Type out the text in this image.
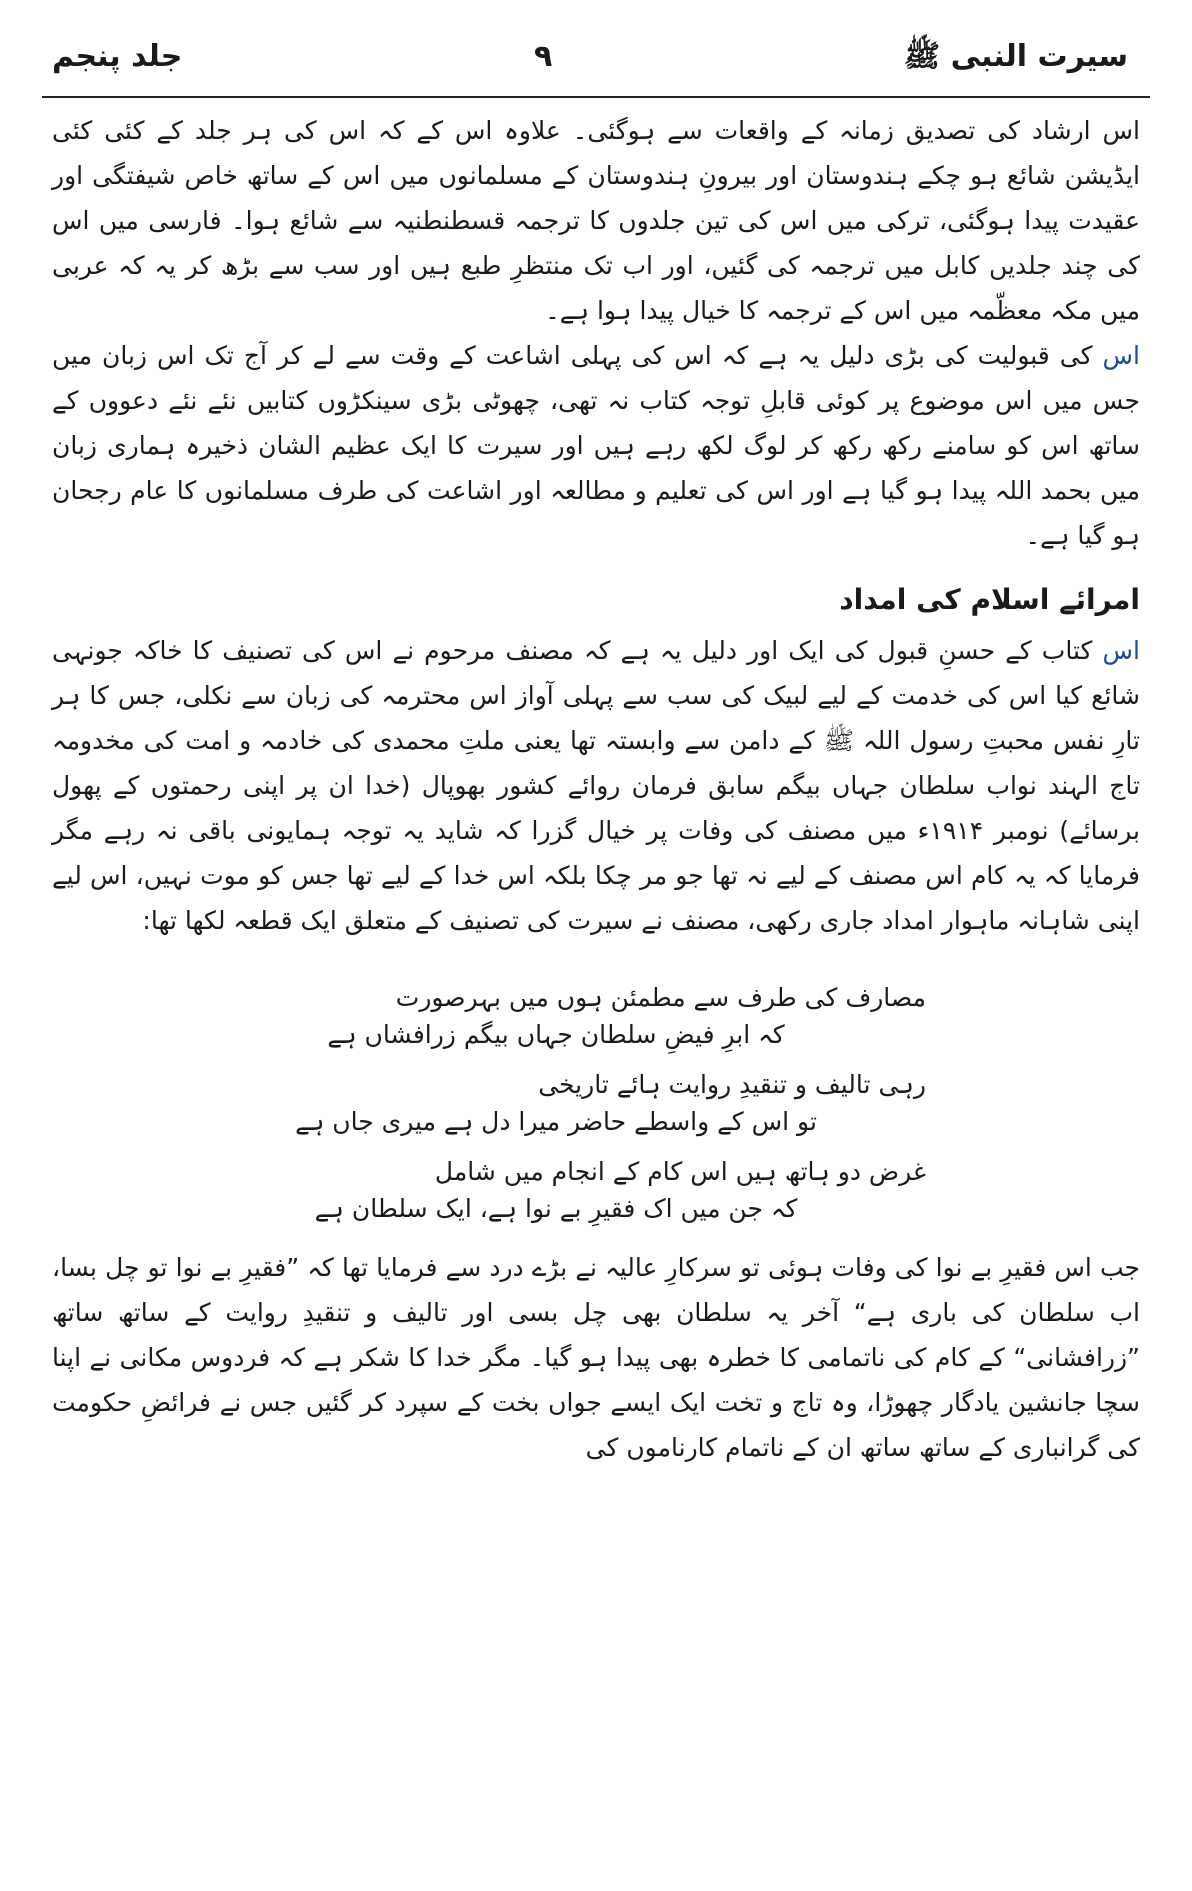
سیرت النبی ﷺ
۹
جلد پنجم

اس ارشاد کی تصدیق زمانہ کے واقعات سے ہوگئی۔ علاوہ اس کے کہ اس کی ہر جلد کے کئی کئی ایڈیشن شائع ہو چکے ہندوستان اور بیرونِ ہندوستان کے مسلمانوں میں اس کے ساتھ خاص شیفتگی اور عقیدت پیدا ہوگئی، ترکی میں اس کی تین جلدوں کا ترجمہ قسطنطنیہ سے شائع ہوا۔ فارسی میں اس کی چند جلدیں کابل میں ترجمہ کی گئیں، اور اب تک منتظرِ طبع ہیں اور سب سے بڑھ کر یہ کہ عربی میں مکہ معظّمہ میں اس کے ترجمہ کا خیال پیدا ہوا ہے۔

اس کی قبولیت کی بڑی دلیل یہ ہے کہ اس کی پہلی اشاعت کے وقت سے لے کر آج تک اس زبان میں جس میں اس موضوع پر کوئی قابلِ توجہ کتاب نہ تھی، چھوٹی بڑی سینکڑوں کتابیں نئے نئے دعووں کے ساتھ اس کو سامنے رکھ رکھ کر لوگ لکھ رہے ہیں اور سیرت کا ایک عظیم الشان ذخیرہ ہماری زبان میں بحمد اللہ پیدا ہو گیا ہے اور اس کی تعلیم و مطالعہ اور اشاعت کی طرف مسلمانوں کا عام رجحان ہو گیا ہے۔

امرائے اسلام کی امداد

اس کتاب کے حسنِ قبول کی ایک اور دلیل یہ ہے کہ مصنف مرحوم نے اس کی تصنیف کا خاکہ جونہی شائع کیا اس کی خدمت کے لیے لبیک کی سب سے پہلی آواز اس محترمہ کی زبان سے نکلی، جس کا ہر تارِ نفس محبتِ رسول اللہ ﷺ کے دامن سے وابستہ تھا یعنی ملتِ محمدی کی خادمہ و امت کی مخدومہ تاج الہند نواب سلطان جہاں بیگم سابق فرمان روائے کشور بھوپال (خدا ان پر اپنی رحمتوں کے پھول برسائے) نومبر ۱۹۱۴ء میں مصنف کی وفات پر خیال گزرا کہ شاید یہ توجہ ہمایونی باقی نہ رہے مگر فرمایا کہ یہ کام اس مصنف کے لیے نہ تھا جو مر چکا بلکہ اس خدا کے لیے تھا جس کو موت نہیں، اس لیے اپنی شاہانہ ماہوار امداد جاری رکھی، مصنف نے سیرت کی تصنیف کے متعلق ایک قطعہ لکھا تھا:

مصارف کی طرف سے مطمئن ہوں میں بہرصورت
کہ ابرِ فیضِ سلطان جہاں بیگم زرافشاں ہے
رہی تالیف و تنقیدِ روایت ہائے تاریخی
تو اس کے واسطے حاضر میرا دل ہے میری جاں ہے
غرض دو ہاتھ ہیں اس کام کے انجام میں شامل
کہ جن میں اک فقیرِ بے نوا ہے، ایک سلطان ہے

جب اس فقیرِ بے نوا کی وفات ہوئی تو سرکارِ عالیہ نے بڑے درد سے فرمایا تھا کہ ”فقیرِ بے نوا تو چل بسا، اب سلطان کی باری ہے“ آخر یہ سلطان بھی چل بسی اور تالیف و تنقیدِ روایت کے ساتھ ساتھ ”زرافشانی“ کے کام کی ناتمامی کا خطرہ بھی پیدا ہو گیا۔ مگر خدا کا شکر ہے کہ فردوس مکانی نے اپنا سچا جانشین یادگار چھوڑا، وہ تاج و تخت ایک ایسے جواں بخت کے سپرد کر گئیں جس نے فرائضِ حکومت کی گرانباری کے ساتھ ساتھ ان کے ناتمام کارناموں کی
